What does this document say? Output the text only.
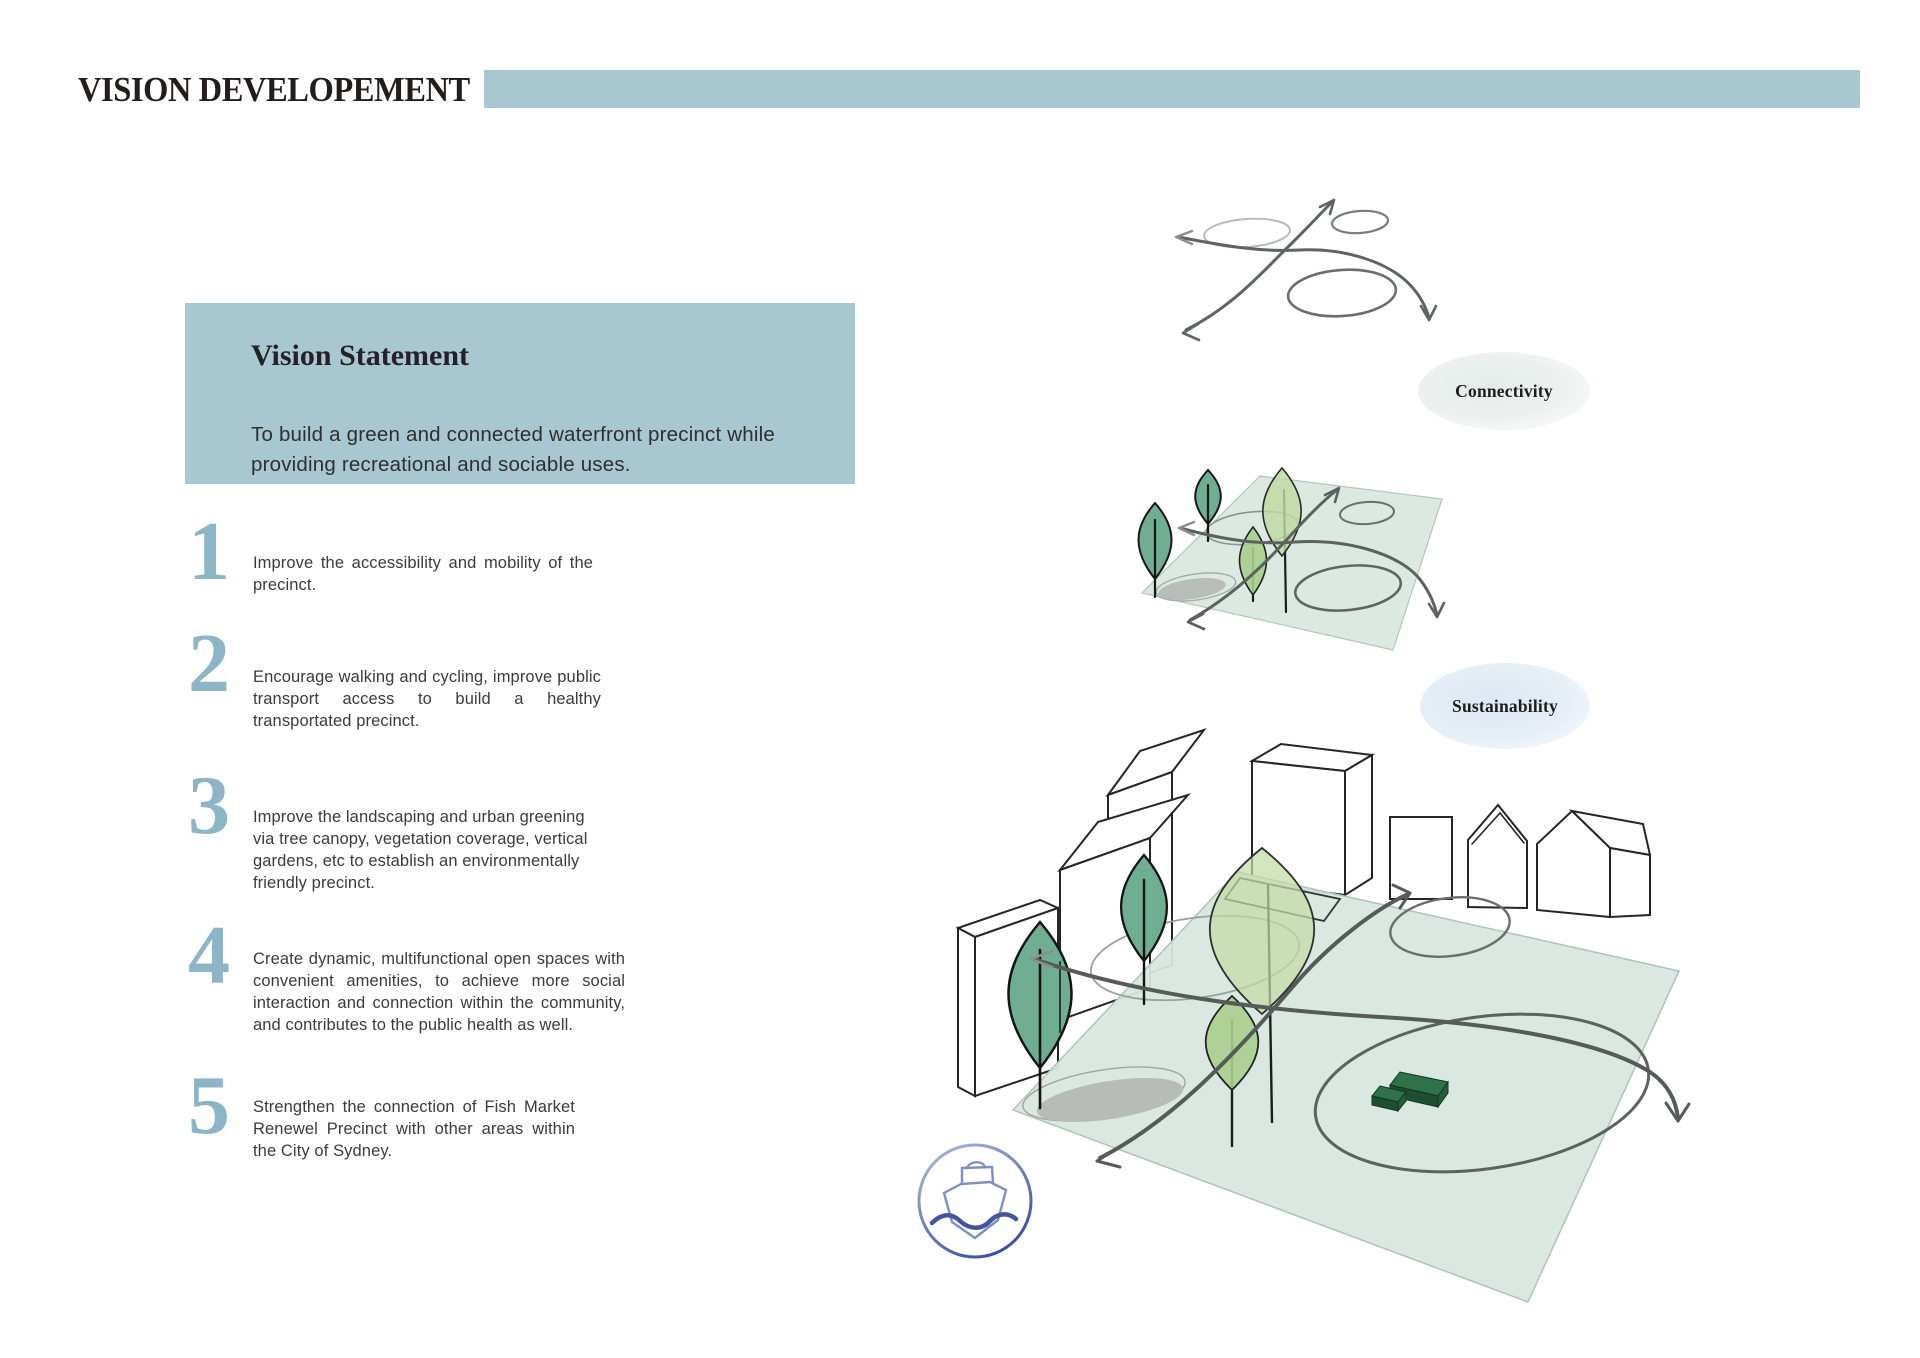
VISION DEVELOPEMENT
Vision Statement

To build a green and connected waterfront precinct while providing recreational and sociable uses.

1	Improve the accessibility and mobility of the precinct.

2	Encourage walking and cycling, improve public transport access to build a healthy transportated precinct.

3	Improve the landscaping and urban greening via tree canopy, vegetation coverage, vertical gardens, etc to establish an environmentally friendly precinct.

4	Create dynamic, multifunctional open spaces with convenient amenities, to achieve more social interaction and connection within the community, and contributes to the public health as well.

5	Strengthen the connection of Fish Market Renewel Precinct with other areas within the City of Sydney.

Connectivity
Sustainability
